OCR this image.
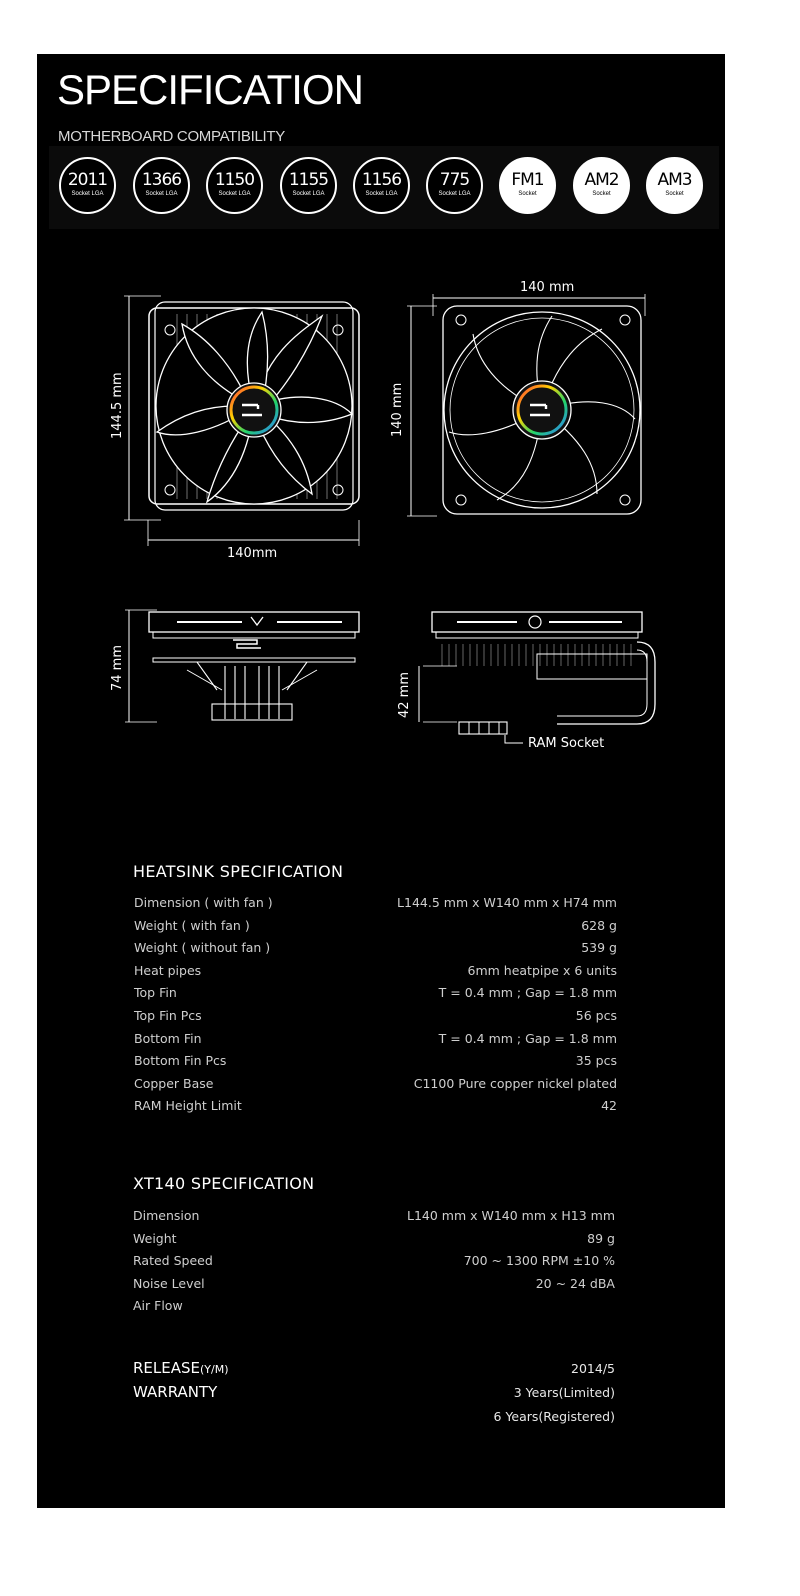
SPECIFICATION
MOTHERBOARD COMPATIBILITY
2011
Socket LGA
1366
Socket LGA
1150
Socket LGA
1155
Socket LGA
1156
Socket LGA
775
Socket LGA
FM1
Socket
AM2
Socket
AM3
Socket
144.5 mm
140mm
140 mm
140 mm
74 mm
42 mm
RAM Socket
HEATSINK SPECIFICATION
Dimension ( with fan )	L144.5 mm x W140 mm x H74 mm
Weight ( with fan )	628 g
Weight ( without fan )	539 g
Heat pipes	6mm heatpipe x 6 units
Top Fin	T = 0.4 mm ; Gap = 1.8 mm
Top Fin Pcs	56 pcs
Bottom Fin	T = 0.4 mm ; Gap = 1.8 mm
Bottom Fin Pcs	35 pcs
Copper Base	C1100 Pure copper nickel plated
RAM Height Limit	42
XT140 SPECIFICATION
Dimension	L140 mm x W140 mm x H13 mm
Weight	89 g
Rated Speed	700 ~ 1300 RPM ±10 %
Noise Level	20 ~ 24 dBA
Air Flow
RELEASE(Y/M)	2014/5
WARRANTY	3 Years(Limited)
6 Years(Registered)
